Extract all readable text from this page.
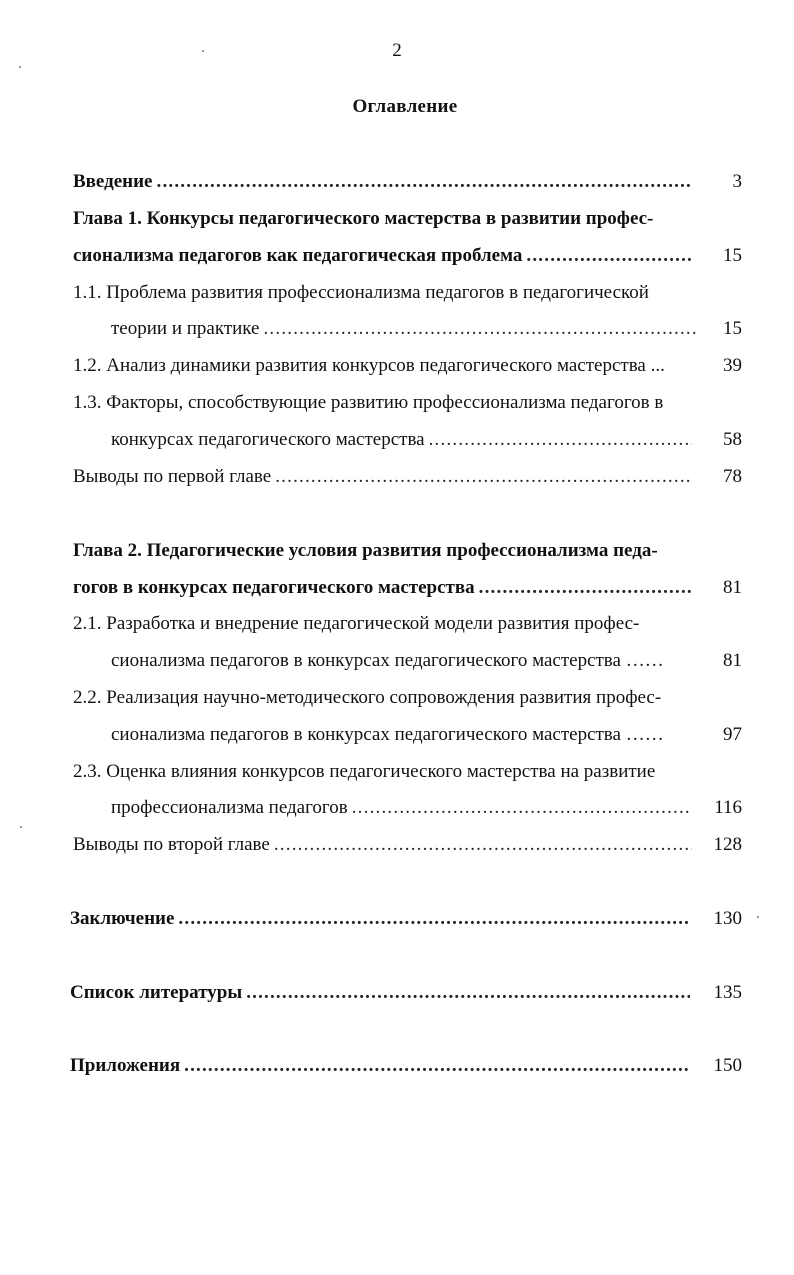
2
Оглавление
Введение .....	3
Глава 1. Конкурсы педагогического мастерства в развитии профес-
сионализма педагогов как педагогическая проблема .....	15
1.1. Проблема развития профессионализма педагогов в педагогической
теории и практике .....	15
1.2. Анализ динамики развития конкурсов педагогического мастерства ...	39
1.3. Факторы, способствующие развитию профессионализма педагогов в
конкурсах педагогического мастерства .....	58
Выводы по первой главе .....	78
Глава 2. Педагогические условия развития профессионализма педа-
гогов в конкурсах педагогического мастерства .....	81
2.1. Разработка и внедрение педагогической модели развития профес-
сионализма педагогов в конкурсах педагогического мастерства ……	81
2.2. Реализация научно-методического сопровождения развития профес-
сионализма педагогов в конкурсах педагогического мастерства ……	97
2.3. Оценка влияния конкурсов педагогического мастерства на развитие
профессионализма педагогов .....	116
Выводы по второй главе .....	128
Заключение .....	130
Список литературы .....	135
Приложения .....	150
